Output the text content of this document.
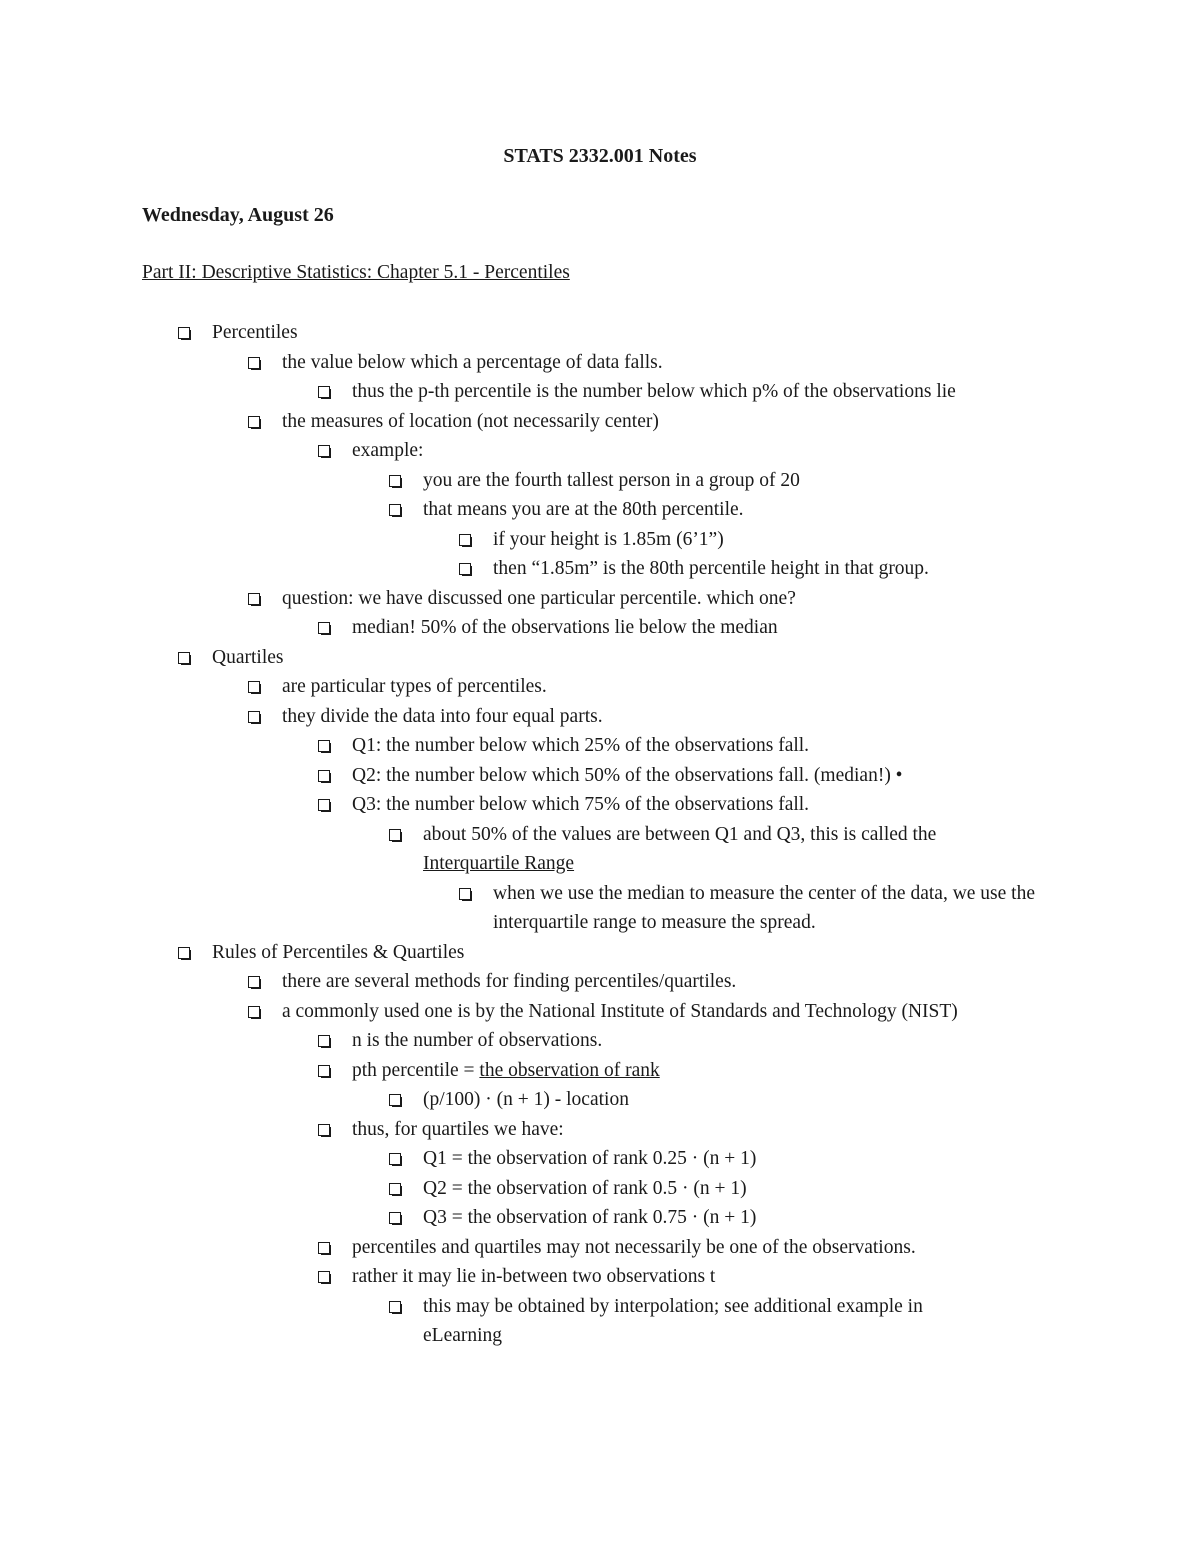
STATS 2332.001 Notes
Wednesday, August 26
Part II: Descriptive Statistics: Chapter 5.1 - Percentiles
Percentiles
the value below which a percentage of data falls.
thus the p-th percentile is the number below which p% of the observations lie
the measures of location (not necessarily center)
example:
you are the fourth tallest person in a group of 20
that means you are at the 80th percentile.
if your height is 1.85m (6’1”)
then “1.85m” is the 80th percentile height in that group.
question: we have discussed one particular percentile. which one?
median! 50% of the observations lie below the median
Quartiles
are particular types of percentiles.
they divide the data into four equal parts.
Q1: the number below which 25% of the observations fall.
Q2: the number below which 50% of the observations fall. (median!) •
Q3: the number below which 75% of the observations fall.
about 50% of the values are between Q1 and Q3, this is called the Interquartile Range
when we use the median to measure the center of the data, we use the interquartile range to measure the spread.
Rules of Percentiles & Quartiles
there are several methods for finding percentiles/quartiles.
a commonly used one is by the National Institute of Standards and Technology (NIST)
n is the number of observations.
pth percentile = the observation of rank
(p/100) · (n + 1) - location
thus, for quartiles we have:
Q1 = the observation of rank 0.25 · (n + 1)
Q2 = the observation of rank 0.5 · (n + 1)
Q3 = the observation of rank 0.75 · (n + 1)
percentiles and quartiles may not necessarily be one of the observations.
rather it may lie in-between two observations t
this may be obtained by interpolation; see additional example in eLearning
